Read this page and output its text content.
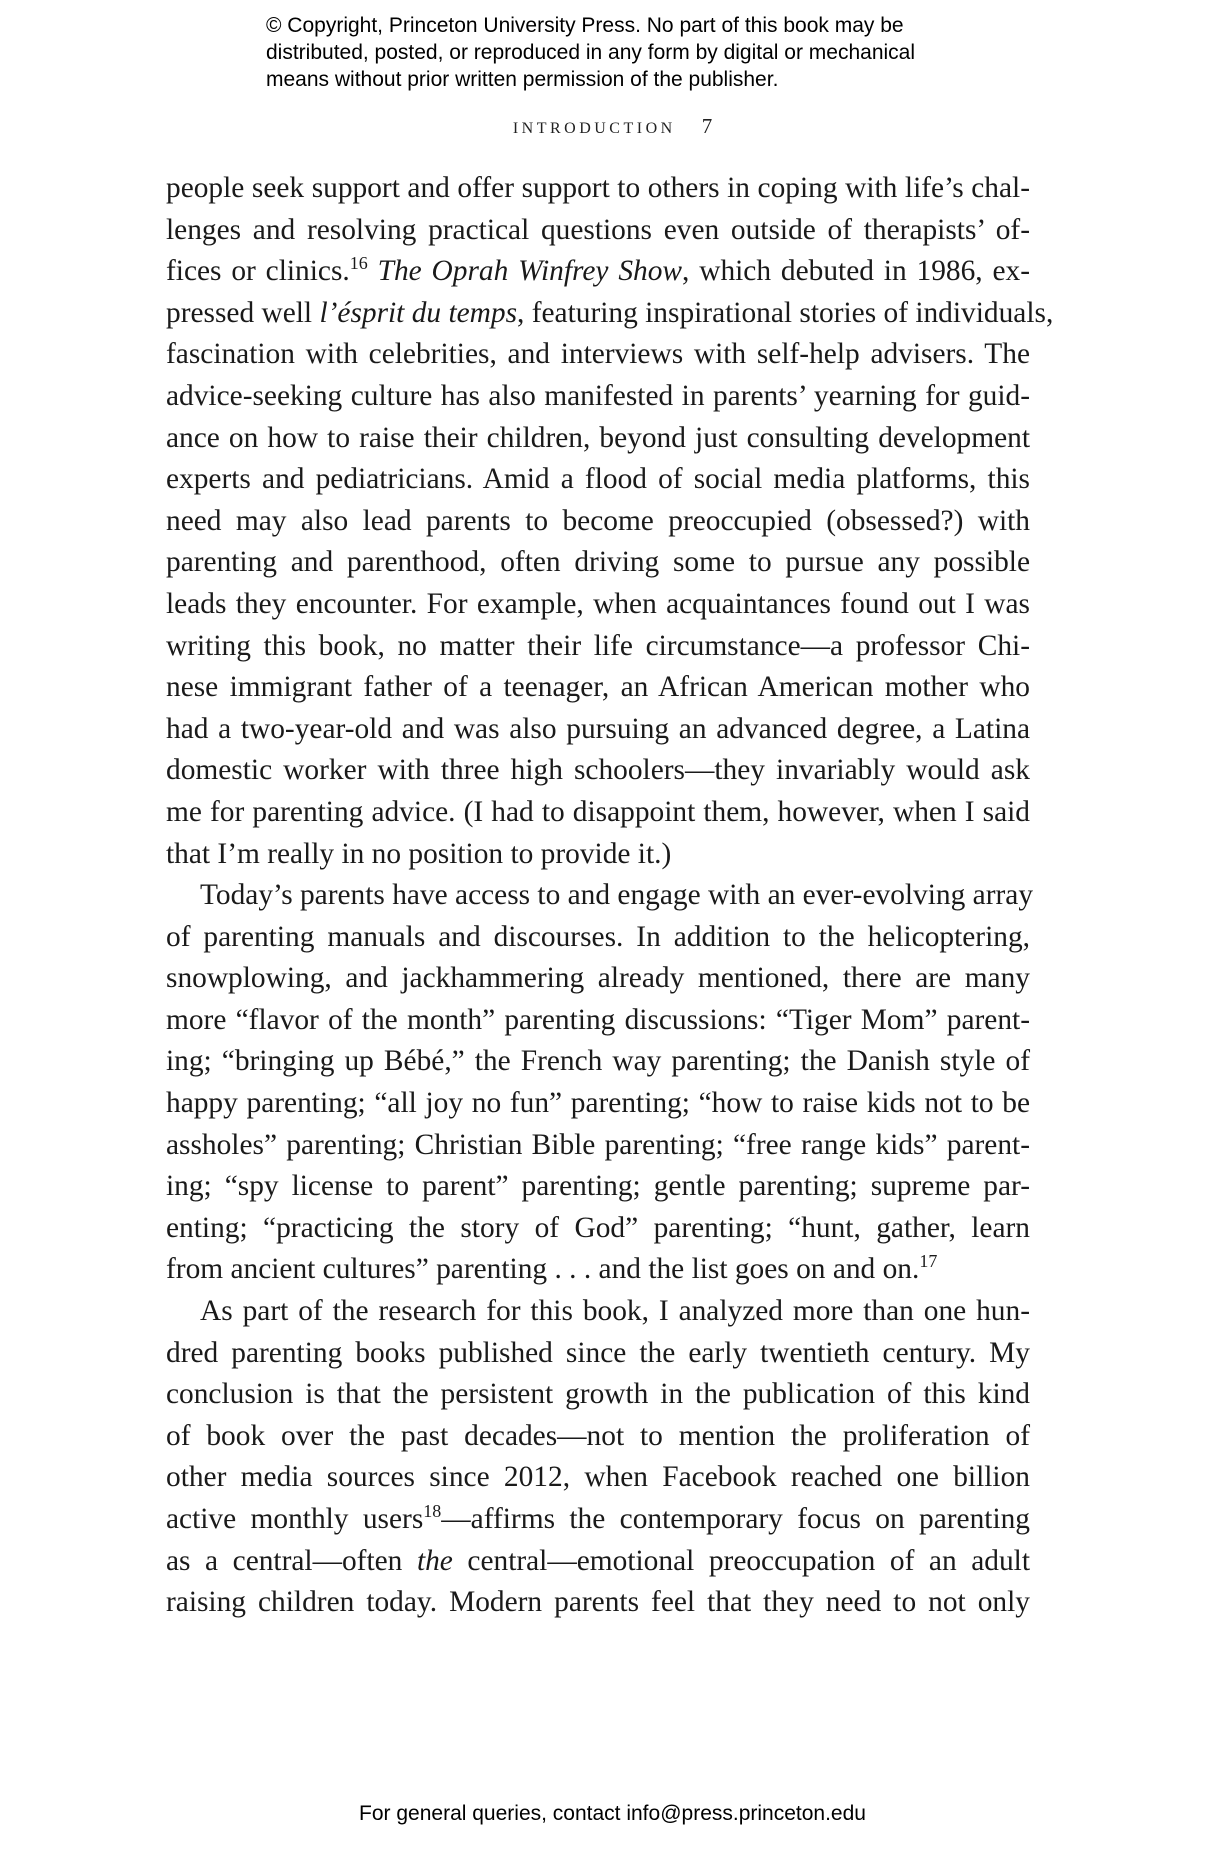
© Copyright, Princeton University Press. No part of this book may be
distributed, posted, or reproduced in any form by digital or mechanical
means without prior written permission of the publisher.
INTRODUCTION 7
people seek support and offer support to others in coping with life’s chal-
lenges and resolving practical questions even outside of therapists’ of-
fices or clinics.$^{16}$ The Oprah Winfrey Show, which debuted in 1986, ex-
pressed well l’ésprit du temps, featuring inspirational stories of individuals,
fascination with celebrities, and interviews with self-help advisers. The
advice-seeking culture has also manifested in parents’ yearning for guid-
ance on how to raise their children, beyond just consulting development
experts and pediatricians. Amid a flood of social media platforms, this
need may also lead parents to become preoccupied (obsessed?) with
parenting and parenthood, often driving some to pursue any possible
leads they encounter. For example, when acquaintances found out I was
writing this book, no matter their life circumstance—a professor Chi-
nese immigrant father of a teenager, an African American mother who
had a two-year-old and was also pursuing an advanced degree, a Latina
domestic worker with three high schoolers—they invariably would ask
me for parenting advice. (I had to disappoint them, however, when I said
that I’m really in no position to provide it.)
Today’s parents have access to and engage with an ever-evolving array
of parenting manuals and discourses. In addition to the helicoptering,
snowplowing, and jackhammering already mentioned, there are many
more “flavor of the month” parenting discussions: “Tiger Mom” parent-
ing; “bringing up Bébé,” the French way parenting; the Danish style of
happy parenting; “all joy no fun” parenting; “how to raise kids not to be
assholes” parenting; Christian Bible parenting; “free range kids” parent-
ing; “spy license to parent” parenting; gentle parenting; supreme par-
enting; “practicing the story of God” parenting; “hunt, gather, learn
from ancient cultures” parenting . . . and the list goes on and on.$^{17}$
As part of the research for this book, I analyzed more than one hun-
dred parenting books published since the early twentieth century. My
conclusion is that the persistent growth in the publication of this kind
of book over the past decades—not to mention the proliferation of
other media sources since 2012, when Facebook reached one billion
active monthly users$^{18}$—affirms the contemporary focus on parenting
as a central—often the central—emotional preoccupation of an adult
raising children today. Modern parents feel that they need to not only
For general queries, contact info@press.princeton.edu
